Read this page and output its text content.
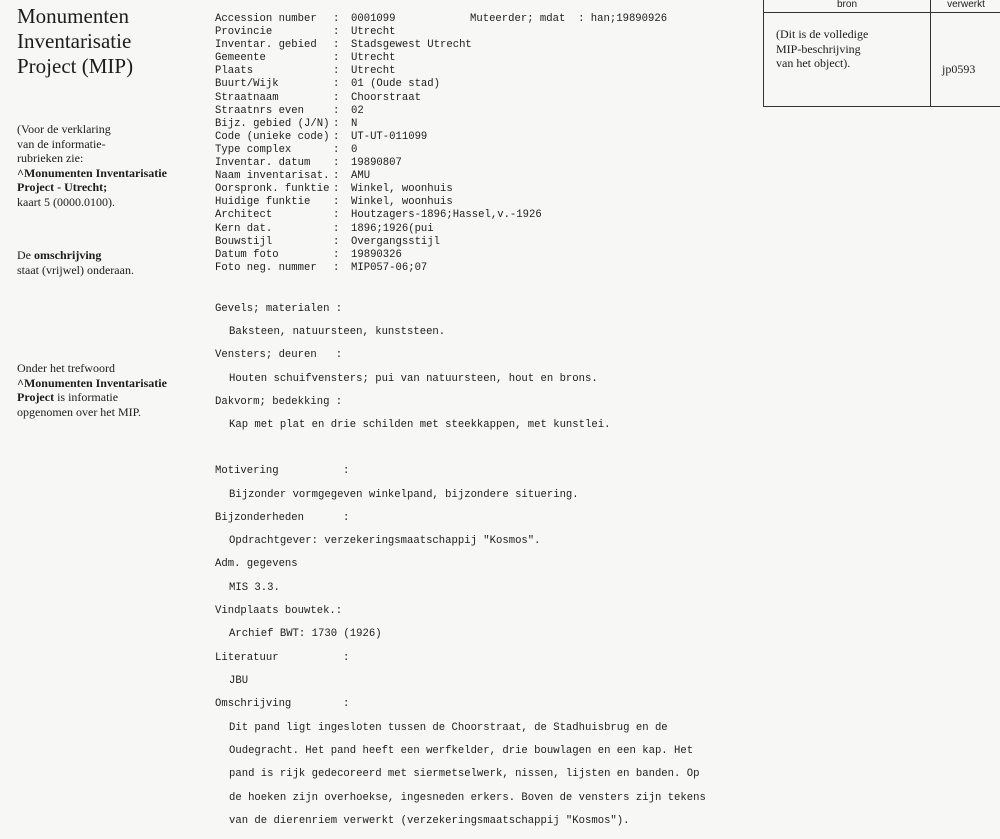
Monumenten
Inventarisatie
Project (MIP)

(Voor de verklaring
van de informatie-
rubrieken zie:
^Monumenten Inventarisatie
Project - Utrecht;
kaart 5 (0000.0100).

De omschrijving
staat (vrijwel) onderaan.

Onder het trefwoord
^Monumenten Inventarisatie
Project is informatie
opgenomen over het MIP.

Accession number	:	0001099
Provincie	:	Utrecht
Inventar. gebied	:	Stadsgewest Utrecht
Gemeente	:	Utrecht
Plaats	:	Utrecht
Buurt/Wijk	:	01 (Oude stad)
Straatnaam	:	Choorstraat
Straatnrs even	:	02
Bijz. gebied (J/N) :	N
Code (unieke code) :	UT-UT-011099
Type complex	:	0
Inventar. datum	:	19890807
Naam inventarisat. :	AMU
Oorspronk. funktie :	Winkel, woonhuis
Huidige funktie	:	Winkel, woonhuis
Architect	:	Houtzagers-1896;Hassel,v.-1926
Kern dat.	:	1896;1926(pui
Bouwstijl	:	Overgangsstijl
Datum foto	:	19890326
Foto neg. nummer	:	MIP057-06;07
Muteerder; mdat : han;19890926

Gevels; materialen :

Baksteen, natuursteen, kunststeen.

Vensters; deuren   :

Houten schuifvensters; pui van natuursteen, hout en brons.

Dakvorm; bedekking :

Kap met plat en drie schilden met steekkappen, met kunstlei.

Motivering	:

Bijzonder vormgegeven winkelpand, bijzondere situering.

Bijzonderheden	:

Opdrachtgever: verzekeringsmaatschappij "Kosmos".

Adm. gegevens

MIS 3.3.

Vindplaats bouwtek.:

Archief BWT: 1730 (1926)

Literatuur	:

JBU

Omschrijving	:

Dit pand ligt ingesloten tussen de Choorstraat, de Stadhuisbrug en de

Oudegracht. Het pand heeft een werfkelder, drie bouwlagen en een kap. Het

pand is rijk gedecoreerd met siermetselwerk, nissen, lijsten en banden. Op

de hoeken zijn overhoekse, ingesneden erkers. Boven de vensters zijn tekens

van de dierenriem verwerkt (verzekeringsmaatschappij "Kosmos").

bron	verwerkt
(Dit is de volledige
MIP-beschrijving
van het object).	jp0593
